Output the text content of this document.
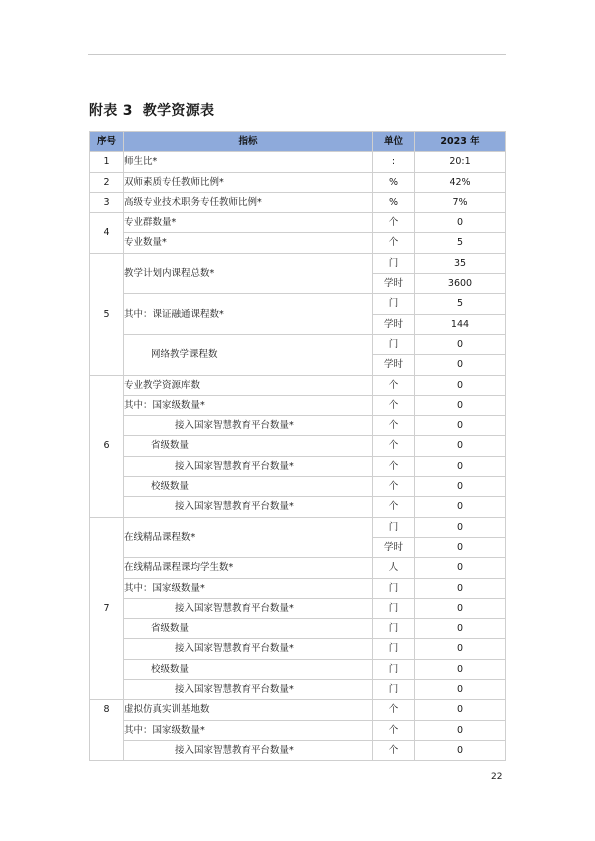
附表 3 教学资源表
序号	指标	单位	2023 年
1	师生比*	:	20:1
2	双师素质专任教师比例*	%	42%
3	高级专业技术职务专任教师比例*	%	7%
4	专业群数量*	个	0
	专业数量*	个	5
5	教学计划内课程总数*	门	35
		学时	3600
	其中：课证融通课程数*	门	5
		学时	144
	网络教学课程数	门	0
		学时	0
6	专业教学资源库数	个	0
	其中：国家级数量*	个	0
	接入国家智慧教育平台数量*	个	0
	省级数量	个	0
	接入国家智慧教育平台数量*	个	0
	校级数量	个	0
	接入国家智慧教育平台数量*	个	0
7	在线精品课程数*	门	0
		学时	0
	在线精品课程课均学生数*	人	0
	其中：国家级数量*	门	0
	接入国家智慧教育平台数量*	门	0
	省级数量	门	0
	接入国家智慧教育平台数量*	门	0
	校级数量	门	0
	接入国家智慧教育平台数量*	门	0
8	虚拟仿真实训基地数	个	0
	其中：国家级数量*	个	0
	接入国家智慧教育平台数量*	个	0
22
